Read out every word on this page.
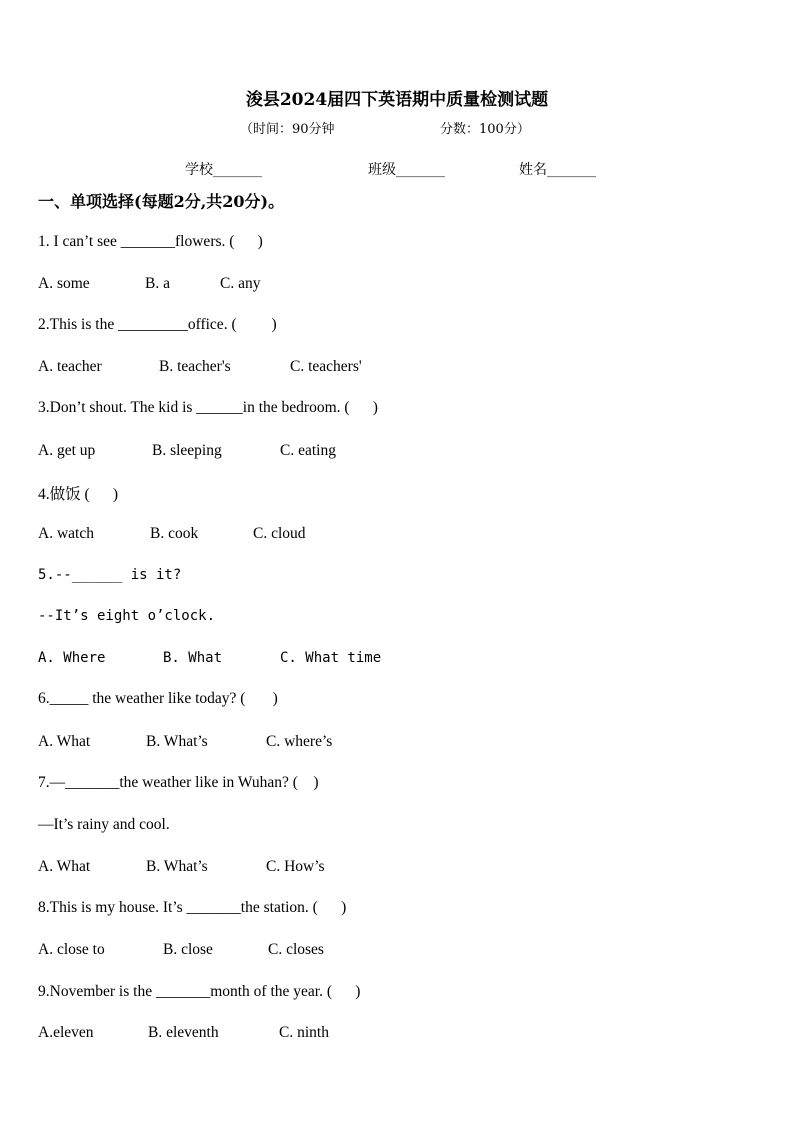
浚县2024届四下英语期中质量检测试题
（时间：90分钟	分数：100分）
学校_______	班级_______	姓名_______
一、单项选择(每题2分,共20分)。
1. I can’t see _______flowers. (      )
A. some	B. a	C. any
2.This is the _________office. (         )
A. teacher	B. teacher's	C. teachers'
3.Don’t shout. The kid is ______in the bedroom. (      )
A. get up	B. sleeping	C. eating
4.做饭 (      )
A. watch	B. cook	C. cloud
5.--______ is it?
--It’s eight o’clock.
A. Where	B. What	C. What time
6._____ the weather like today? (       )
A. What	B. What’s	C. where’s
7.—_______the weather like in Wuhan? (    )
—It’s rainy and cool.
A. What	B. What’s	C. How’s
8.This is my house. It’s _______the station. (      )
A. close to	B. close	C. closes
9.November is the _______month of the year. (      )
A.eleven	B. eleventh	C. ninth
